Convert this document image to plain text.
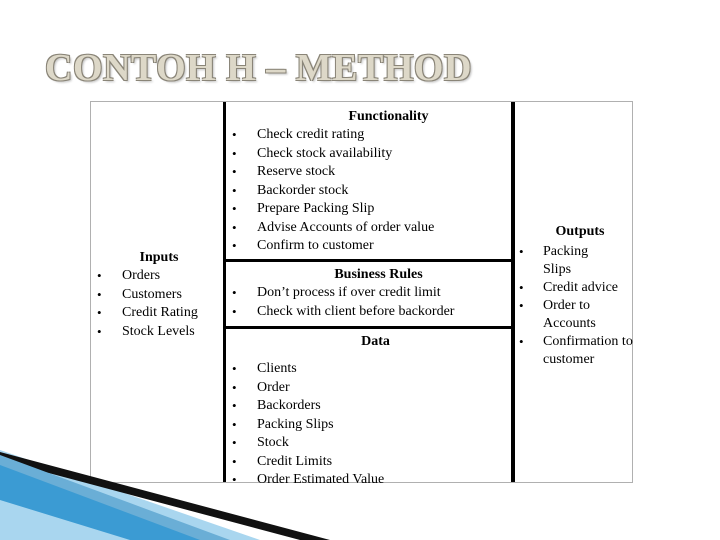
CONTOH H – METHOD
Inputs
• Orders
• Customers
• Credit Rating
• Stock Levels
Functionality
• Check credit rating
• Check stock availability
• Reserve stock
• Backorder stock
• Prepare Packing Slip
• Advise Accounts of order value
• Confirm to customer
Business Rules
• Don’t process if over credit limit
• Check with client before backorder
Data
• Clients
• Order
• Backorders
• Packing Slips
• Stock
• Credit Limits
• Order Estimated Value
Outputs
• Packing Slips
• Credit advice
• Order to Accounts
• Confirmation to customer
